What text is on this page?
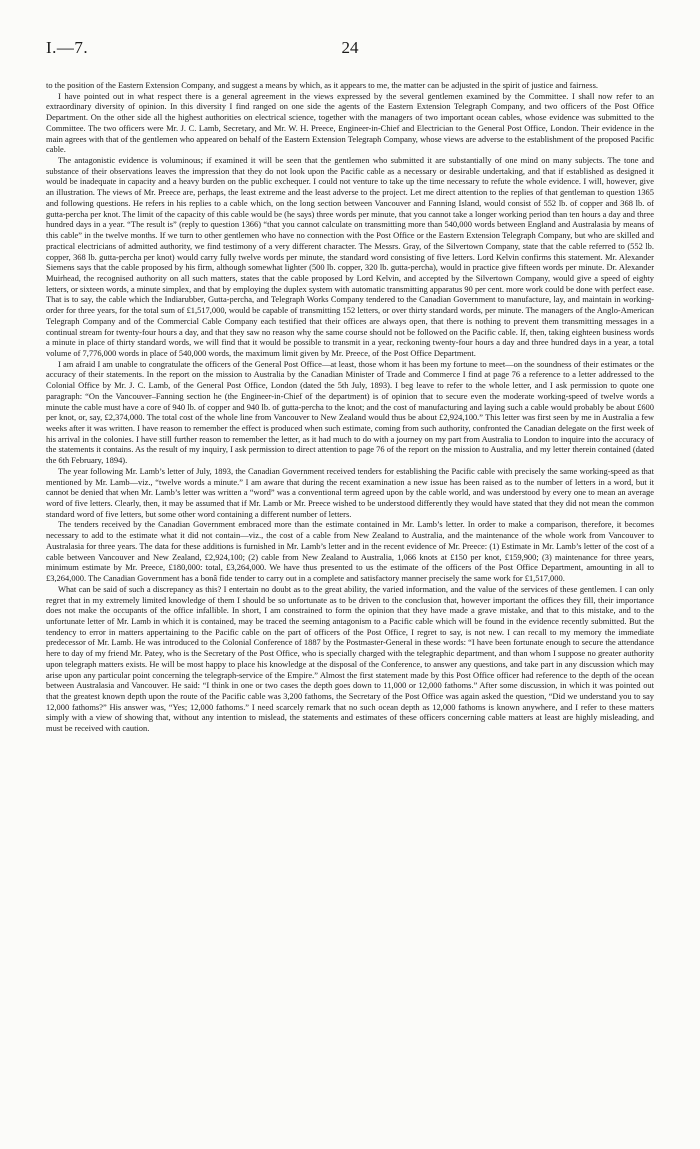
I.—7.	24

to the position of the Eastern Extension Company, and suggest a means by which, as it appears to me, the matter can be adjusted in the spirit of justice and fairness.

I have pointed out in what respect there is a general agreement in the views expressed by the several gentlemen examined by the Committee. I shall now refer to an extraordinary diversity of opinion. In this diversity I find ranged on one side the agents of the Eastern Extension Telegraph Company, and two officers of the Post Office Department. On the other side all the highest authorities on electrical science, together with the managers of two important ocean cables, whose evidence was submitted to the Committee. The two officers were Mr. J. C. Lamb, Secretary, and Mr. W. H. Preece, Engineer-in-Chief and Electrician to the General Post Office, London. Their evidence in the main agrees with that of the gentlemen who appeared on behalf of the Eastern Extension Telegraph Company, whose views are adverse to the establishment of the proposed Pacific cable.

The antagonistic evidence is voluminous; if examined it will be seen that the gentlemen who submitted it are substantially of one mind on many subjects. The tone and substance of their observations leaves the impression that they do not look upon the Pacific cable as a necessary or desirable undertaking, and that if established as designed it would be inadequate in capacity and a heavy burden on the public exchequer. I could not venture to take up the time necessary to refute the whole evidence. I will, however, give an illustration. The views of Mr. Preece are, perhaps, the least extreme and the least adverse to the project. Let me direct attention to the replies of that gentleman to question 1365 and following questions. He refers in his replies to a cable which, on the long section between Vancouver and Fanning Island, would consist of 552 lb. of copper and 368 lb. of gutta-percha per knot. The limit of the capacity of this cable would be (he says) three words per minute, that you cannot take a longer working period than ten hours a day and three hundred days in a year. “The result is” (reply to question 1366) “that you cannot calculate on transmitting more than 540,000 words between England and Australasia by means of this cable” in the twelve months. If we turn to other gentlemen who have no connection with the Post Office or the Eastern Extension Telegraph Company, but who are skilled and practical electricians of admitted authority, we find testimony of a very different character. The Messrs. Gray, of the Silvertown Company, state that the cable referred to (552 lb. copper, 368 lb. gutta-percha per knot) would carry fully twelve words per minute, the standard word consisting of five letters. Lord Kelvin confirms this statement. Mr. Alexander Siemens says that the cable proposed by his firm, although somewhat lighter (500 lb. copper, 320 lb. gutta-percha), would in practice give fifteen words per minute. Dr. Alexander Muirhead, the recognised authority on all such matters, states that the cable proposed by Lord Kelvin, and accepted by the Silvertown Company, would give a speed of eighty letters, or sixteen words, a minute simplex, and that by employing the duplex system with automatic transmitting apparatus 90 per cent. more work could be done with perfect ease. That is to say, the cable which the Indiarubber, Gutta-percha, and Telegraph Works Company tendered to the Canadian Government to manufacture, lay, and maintain in working-order for three years, for the total sum of £1,517,000, would be capable of transmitting 152 letters, or over thirty standard words, per minute. The managers of the Anglo-American Telegraph Company and of the Commercial Cable Company each testified that their offices are always open, that there is nothing to prevent them transmitting messages in a continual stream for twenty-four hours a day, and that they saw no reason why the same course should not be followed on the Pacific cable. If, then, taking eighteen business words a minute in place of thirty standard words, we will find that it would be possible to transmit in a year, reckoning twenty-four hours a day and three hundred days in a year, a total volume of 7,776,000 words in place of 540,000 words, the maximum limit given by Mr. Preece, of the Post Office Department.

I am afraid I am unable to congratulate the officers of the General Post Office—at least, those whom it has been my fortune to meet—on the soundness of their estimates or the accuracy of their statements. In the report on the mission to Australia by the Canadian Minister of Trade and Commerce I find at page 76 a reference to a letter addressed to the Colonial Office by Mr. J. C. Lamb, of the General Post Office, London (dated the 5th July, 1893). I beg leave to refer to the whole letter, and I ask permission to quote one paragraph: “On the Vancouver–Fanning section he (the Engineer-in-Chief of the department) is of opinion that to secure even the moderate working-speed of twelve words a minute the cable must have a core of 940 lb. of copper and 940 lb. of gutta-percha to the knot; and the cost of manufacturing and laying such a cable would probably be about £600 per knot, or, say, £2,374,000. The total cost of the whole line from Vancouver to New Zealand would thus be about £2,924,100.” This letter was first seen by me in Australia a few weeks after it was written. I have reason to remember the effect is produced when such estimate, coming from such authority, confronted the Canadian delegate on the first week of his arrival in the colonies. I have still further reason to remember the letter, as it had much to do with a journey on my part from Australia to London to inquire into the accuracy of the statements it contains. As the result of my inquiry, I ask permission to direct attention to page 76 of the report on the mission to Australia, and my letter therein contained (dated the 6th February, 1894).

The year following Mr. Lamb’s letter of July, 1893, the Canadian Government received tenders for establishing the Pacific cable with precisely the same working-speed as that mentioned by Mr. Lamb—viz., “twelve words a minute.” I am aware that during the recent examination a new issue has been raised as to the number of letters in a word, but it cannot be denied that when Mr. Lamb’s letter was written a “word” was a conventional term agreed upon by the cable world, and was understood by every one to mean an average word of five letters. Clearly, then, it may be assumed that if Mr. Lamb or Mr. Preece wished to be understood differently they would have stated that they did not mean the common standard word of five letters, but some other word containing a different number of letters.

The tenders received by the Canadian Government embraced more than the estimate contained in Mr. Lamb’s letter. In order to make a comparison, therefore, it becomes necessary to add to the estimate what it did not contain—viz., the cost of a cable from New Zealand to Australia, and the maintenance of the whole work from Vancouver to Australasia for three years. The data for these additions is furnished in Mr. Lamb’s letter and in the recent evidence of Mr. Preece: (1) Estimate in Mr. Lamb’s letter of the cost of a cable between Vancouver and New Zealand, £2,924,100; (2) cable from New Zealand to Australia, 1,066 knots at £150 per knot, £159,900; (3) maintenance for three years, minimum estimate by Mr. Preece, £180,000: total, £3,264,000. We have thus presented to us the estimate of the officers of the Post Office Department, amounting in all to £3,264,000. The Canadian Government has a bonâ fide tender to carry out in a complete and satisfactory manner precisely the same work for £1,517,000.

What can be said of such a discrepancy as this? I entertain no doubt as to the great ability, the varied information, and the value of the services of these gentlemen. I can only regret that in my extremely limited knowledge of them I should be so unfortunate as to be driven to the conclusion that, however important the offices they fill, their importance does not make the occupants of the office infallible. In short, I am constrained to form the opinion that they have made a grave mistake, and that to this mistake, and to the unfortunate letter of Mr. Lamb in which it is contained, may be traced the seeming antagonism to a Pacific cable which will be found in the evidence recently submitted. But the tendency to error in matters appertaining to the Pacific cable on the part of officers of the Post Office, I regret to say, is not new. I can recall to my memory the immediate predecessor of Mr. Lamb. He was introduced to the Colonial Conference of 1887 by the Postmaster-General in these words: “I have been fortunate enough to secure the attendance here to day of my friend Mr. Patey, who is the Secretary of the Post Office, who is specially charged with the telegraphic department, and than whom I suppose no greater authority upon telegraph matters exists. He will be most happy to place his knowledge at the disposal of the Conference, to answer any questions, and take part in any discussion which may arise upon any particular point concerning the telegraph-service of the Empire.” Almost the first statement made by this Post Office officer had reference to the depth of the ocean between Australasia and Vancouver. He said: “I think in one or two cases the depth goes down to 11,000 or 12,000 fathoms.” After some discussion, in which it was pointed out that the greatest known depth upon the route of the Pacific cable was 3,200 fathoms, the Secretary of the Post Office was again asked the question, “Did we understand you to say 12,000 fathoms?” His answer was, “Yes; 12,000 fathoms.” I need scarcely remark that no such ocean depth as 12,000 fathoms is known anywhere, and I refer to these matters simply with a view of showing that, without any intention to mislead, the statements and estimates of these officers concerning cable matters at least are highly misleading, and must be received with caution.
